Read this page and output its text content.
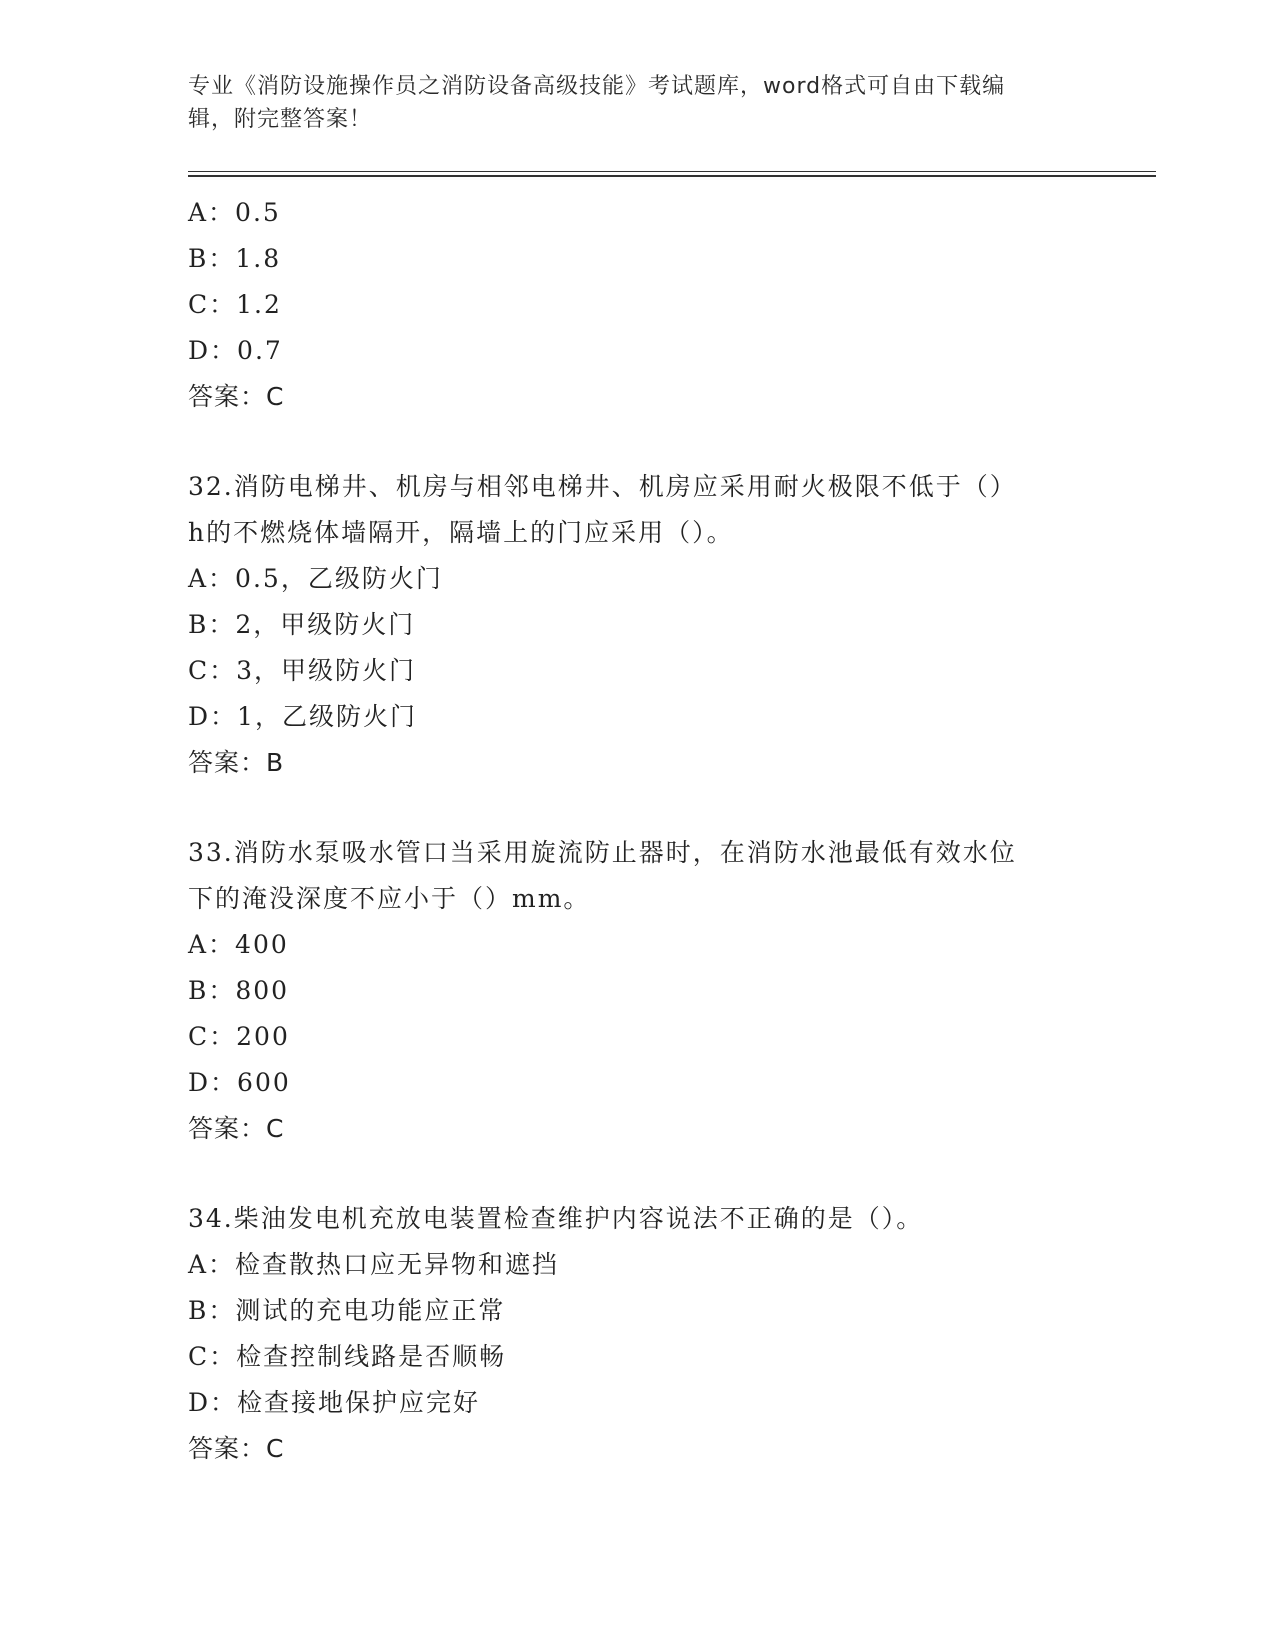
专业《消防设施操作员之消防设备高级技能》考试题库，word格式可自由下载编
辑，附完整答案！
A：0.5
B：1.8
C：1.2
D：0.7
答案：C
32.消防电梯井、机房与相邻电梯井、机房应采用耐火极限不低于（）
h的不燃烧体墙隔开，隔墙上的门应采用（）。
A：0.5，乙级防火门
B：2，甲级防火门
C：3，甲级防火门
D：1，乙级防火门
答案：B
33.消防水泵吸水管口当采用旋流防止器时，在消防水池最低有效水位
下的淹没深度不应小于（）mm。
A：400
B：800
C：200
D：600
答案：C
34.柴油发电机充放电装置检查维护内容说法不正确的是（）。
A：检查散热口应无异物和遮挡
B：测试的充电功能应正常
C：检查控制线路是否顺畅
D：检查接地保护应完好
答案：C
